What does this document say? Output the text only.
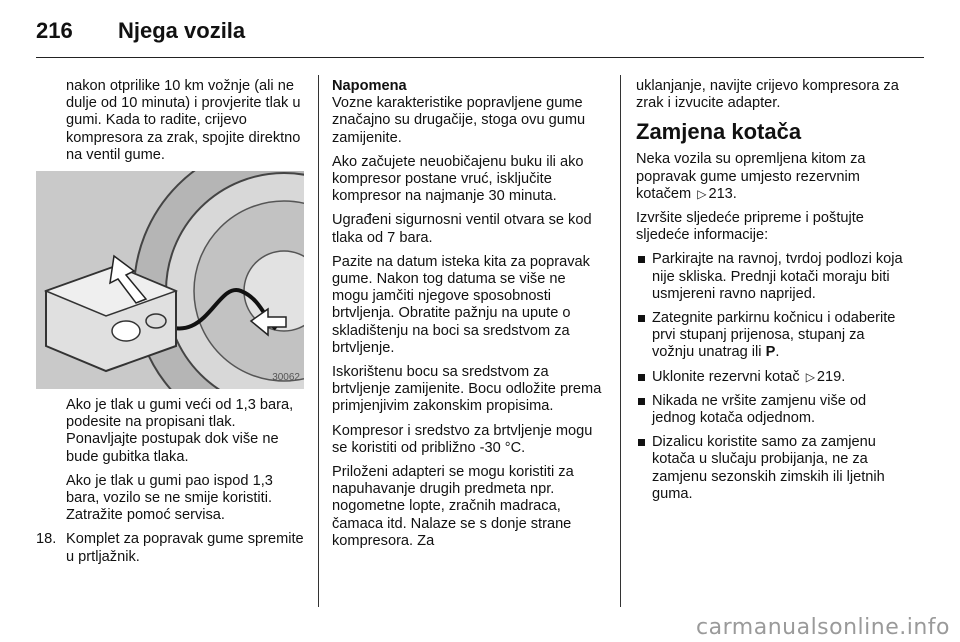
216 Njega vozila

nakon otprilike 10 km vožnje (ali ne dulje od 10 minuta) i provjerite tlak u gumi. Kada to radite, crijevo kompresora za zrak, spojite direktno na ventil gume.

30062

Ako je tlak u gumi veći od 1,3 bara, podesite na propisani tlak. Ponavljajte postupak dok više ne bude gubitka tlaka.

Ako je tlak u gumi pao ispod 1,3 bara, vozilo se ne smije koristiti. Zatražite pomoć servisa.

18. Komplet za popravak gume spremite u prtljažnik.

Napomena

Vozne karakteristike popravljene gume značajno su drugačije, stoga ovu gumu zamijenite.

Ako začujete neuobičajenu buku ili ako kompresor postane vruć, isključite kompresor na najmanje 30 minuta.

Ugrađeni sigurnosni ventil otvara se kod tlaka od 7 bara.

Pazite na datum isteka kita za popravak gume. Nakon tog datuma se više ne mogu jamčiti njegove sposobnosti brtvljenja. Obratite pažnju na upute o skladištenju na boci sa sredstvom za brtvljenje.

Iskorištenu bocu sa sredstvom za brtvljenje zamijenite. Bocu odložite prema primjenjivim zakonskim propisima.

Kompresor i sredstvo za brtvljenje mogu se koristiti od približno -30 °C.

Priloženi adapteri se mogu koristiti za napuhavanje drugih predmeta npr. nogometne lopte, zračnih madraca, čamaca itd. Nalaze se s donje strane kompresora. Za

uklanjanje, navijte crijevo kompresora za zrak i izvucite adapter.

Zamjena kotača

Neka vozila su opremljena kitom za popravak gume umjesto rezervnim kotačem ▷ 213.

Izvršite sljedeće pripreme i poštujte sljedeće informacije:

Parkirajte na ravnoj, tvrdoj podlozi koja nije skliska. Prednji kotači moraju biti usmjereni ravno naprijed.
Zategnite parkirnu kočnicu i odaberite prvi stupanj prijenosa, stupanj za vožnju unatrag ili P.
Uklonite rezervni kotač ▷ 219.
Nikada ne vršite zamjenu više od jednog kotača odjednom.
Dizalicu koristite samo za zamjenu kotača u slučaju probijanja, ne za zamjenu sezonskih zimskih ili ljetnih guma.
carmanualsonline.info
